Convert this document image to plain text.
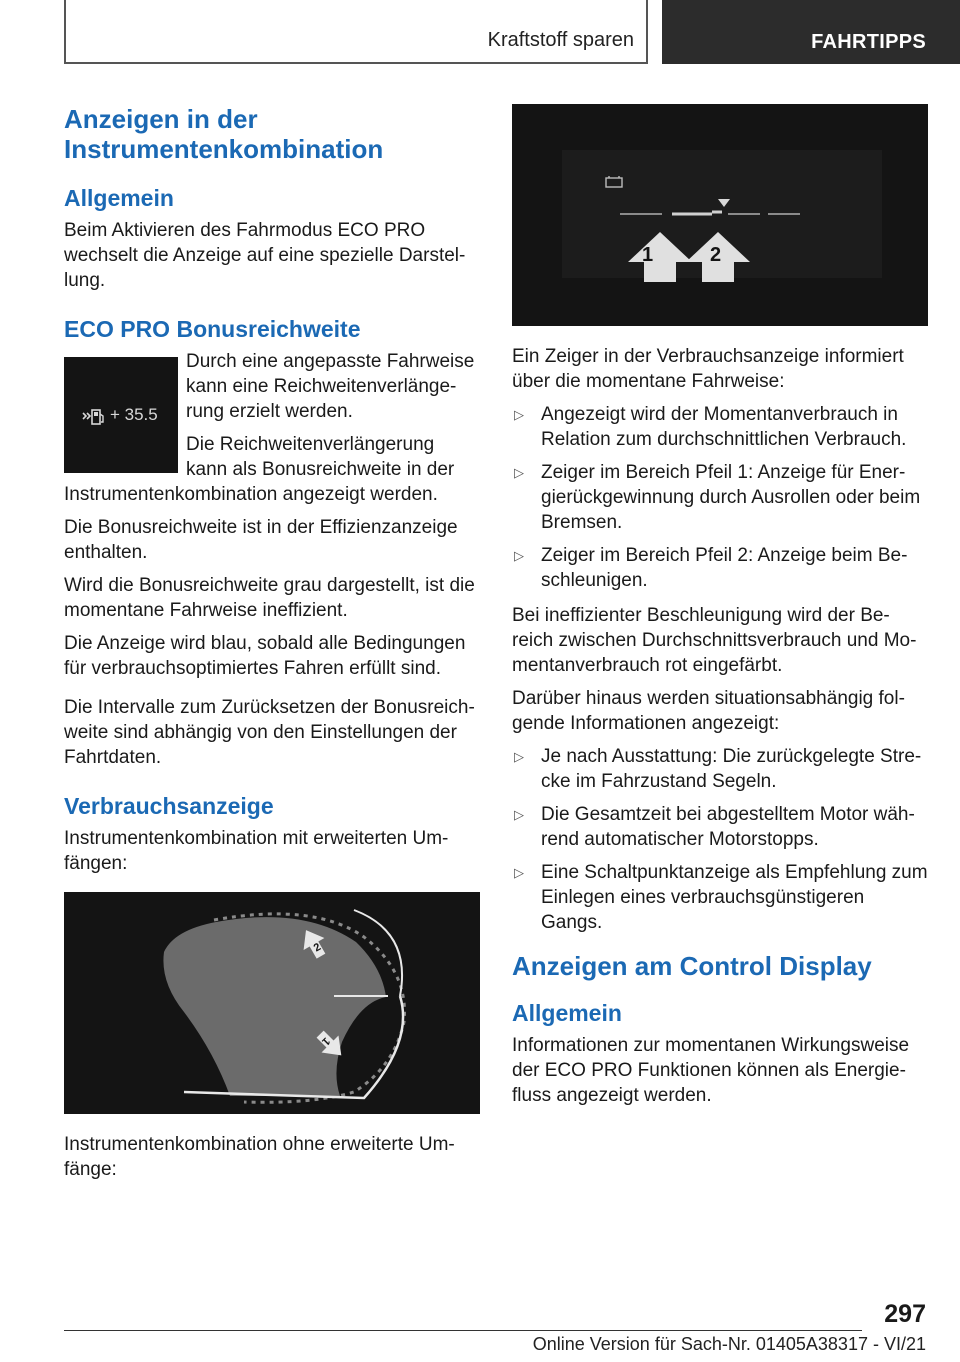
Kraftstoff sparen	FAHRTIPPS
Anzeigen in der Instrumentenkombination
Allgemein

Beim Aktivieren des Fahrmodus ECO PRO wechselt die Anzeige auf eine spezielle Darstel-lung.

ECO PRO Bonusreichweite
+ 35.5

Durch eine angepasste Fahrweise kann eine Reichweitenverlänge-rung erzielt werden.

Die Reichweitenverlängerung kann als Bonusreichweite in der Instrumentenkombination angezeigt werden.

Die Bonusreichweite ist in der Effizienzanzeige enthalten.

Wird die Bonusreichweite grau dargestellt, ist die momentane Fahrweise ineffizient.

Die Anzeige wird blau, sobald alle Bedingungen für verbrauchsoptimiertes Fahren erfüllt sind.

Die Intervalle zum Zurücksetzen der Bonusreich-weite sind abhängig von den Einstellungen der Fahrtdaten.

Verbrauchsanzeige

Instrumentenkombination mit erweiterten Um-fängen:

2
1

Instrumentenkombination ohne erweiterte Um-fänge:

1	2

Ein Zeiger in der Verbrauchsanzeige informiert über die momentane Fahrweise:

▷ Angezeigt wird der Momentanverbrauch in Relation zum durchschnittlichen Verbrauch.
▷ Zeiger im Bereich Pfeil 1: Anzeige für Ener-gierückgewinnung durch Ausrollen oder beim Bremsen.
▷ Zeiger im Bereich Pfeil 2: Anzeige beim Be-schleunigen.

Bei ineffizienter Beschleunigung wird der Be-reich zwischen Durchschnittsverbrauch und Mo-mentanverbrauch rot eingefärbt.

Darüber hinaus werden situationsabhängig fol-gende Informationen angezeigt:

▷ Je nach Ausstattung: Die zurückgelegte Stre-cke im Fahrzustand Segeln.
▷ Die Gesamtzeit bei abgestelltem Motor wäh-rend automatischer Motorstopps.
▷ Eine Schaltpunktanzeige als Empfehlung zum Einlegen eines verbrauchsgünstigeren Gangs.
Anzeigen am Control Display
Allgemein

Informationen zur momentanen Wirkungsweise der ECO PRO Funktionen können als Energie-fluss angezeigt werden.

297
Online Version für Sach-Nr. 01405A38317 - VI/21
